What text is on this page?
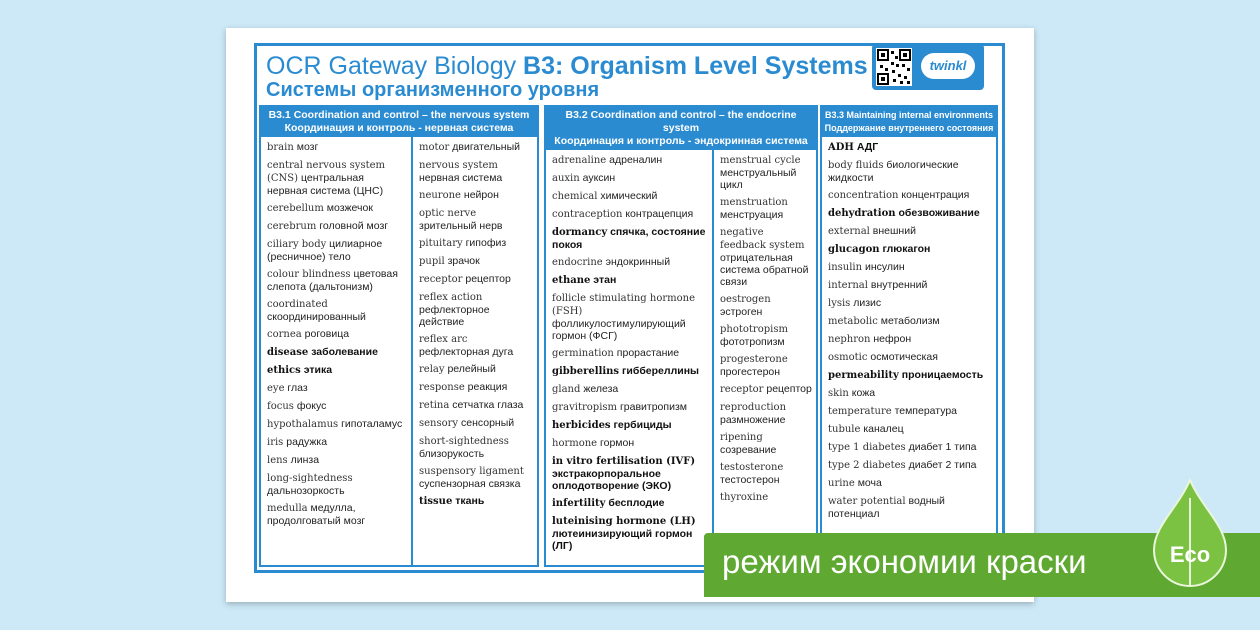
OCR Gateway Biology B3: Organism Level Systems
Системы организменного уровня
twinkl
B3.1 Coordination and control – the nervous system
Координация и контроль - нервная система
brain мозг
central nervous system (CNS) центральная нервная система (ЦНС)
cerebellum мозжечок
cerebrum головной мозг
ciliary body цилиарное (ресничное) тело
colour blindness цветовая слепота (дальтонизм)
coordinated скоординированный
cornea роговица
disease заболевание
ethics этика
eye глаз
focus фокус
hypothalamus гипоталамус
iris радужка
lens линза
long-sightedness дальнозоркость
medulla медулла, продолговатый мозг
motor двигательный
nervous system нервная система
neurone нейрон
optic nerve зрительный нерв
pituitary гипофиз
pupil зрачок
receptor рецептор
reflex action рефлекторное действие
reflex arc рефлекторная дуга
relay релейный
response реакция
retina сетчатка глаза
sensory сенсорный
short-sightedness близорукость
suspensory ligament суспензорная связка
tissue ткань
B3.2 Coordination and control – the endocrine system
Координация и контроль - эндокринная система
adrenaline адреналин
auxin ауксин
chemical химический
contraception контрацепция
dormancy спячка, состояние покоя
endocrine эндокринный
ethane этан
follicle stimulating hormone (FSH) фолликулостимулирующий гормон (ФСГ)
germination прорастание
gibberellins гиббереллины
gland железа
gravitropism гравитропизм
herbicides гербициды
hormone гормон
in vitro fertilisation (IVF) экстракорпоральное оплодотворение (ЭКО)
infertility бесплодие
luteinising hormone (LH) лютеинизирующий гормон (ЛГ)
menstrual cycle менструальный цикл
menstruation менструация
negative feedback system отрицательная система обратной связи
oestrogen эстроген
phototropism фототропизм
progesterone прогестерон
receptor рецептор
reproduction размножение
ripening созревание
testosterone тестостерон
thyroxine
B3.3 Maintaining internal environments
Поддержание внутреннего состояния
ADH АДГ
body fluids биологические жидкости
concentration концентрация
dehydration обезвоживание
external внешний
glucagon глюкагон
insulin инсулин
internal внутренний
lysis лизис
metabolic метаболизм
nephron нефрон
osmotic осмотическая
permeability проницаемость
skin кожа
temperature температура
tubule каналец
type 1 diabetes диабет 1 типа
type 2 diabetes диабет 2 типа
urine моча
water potential водный потенциал
режим экономии краски	Eco
